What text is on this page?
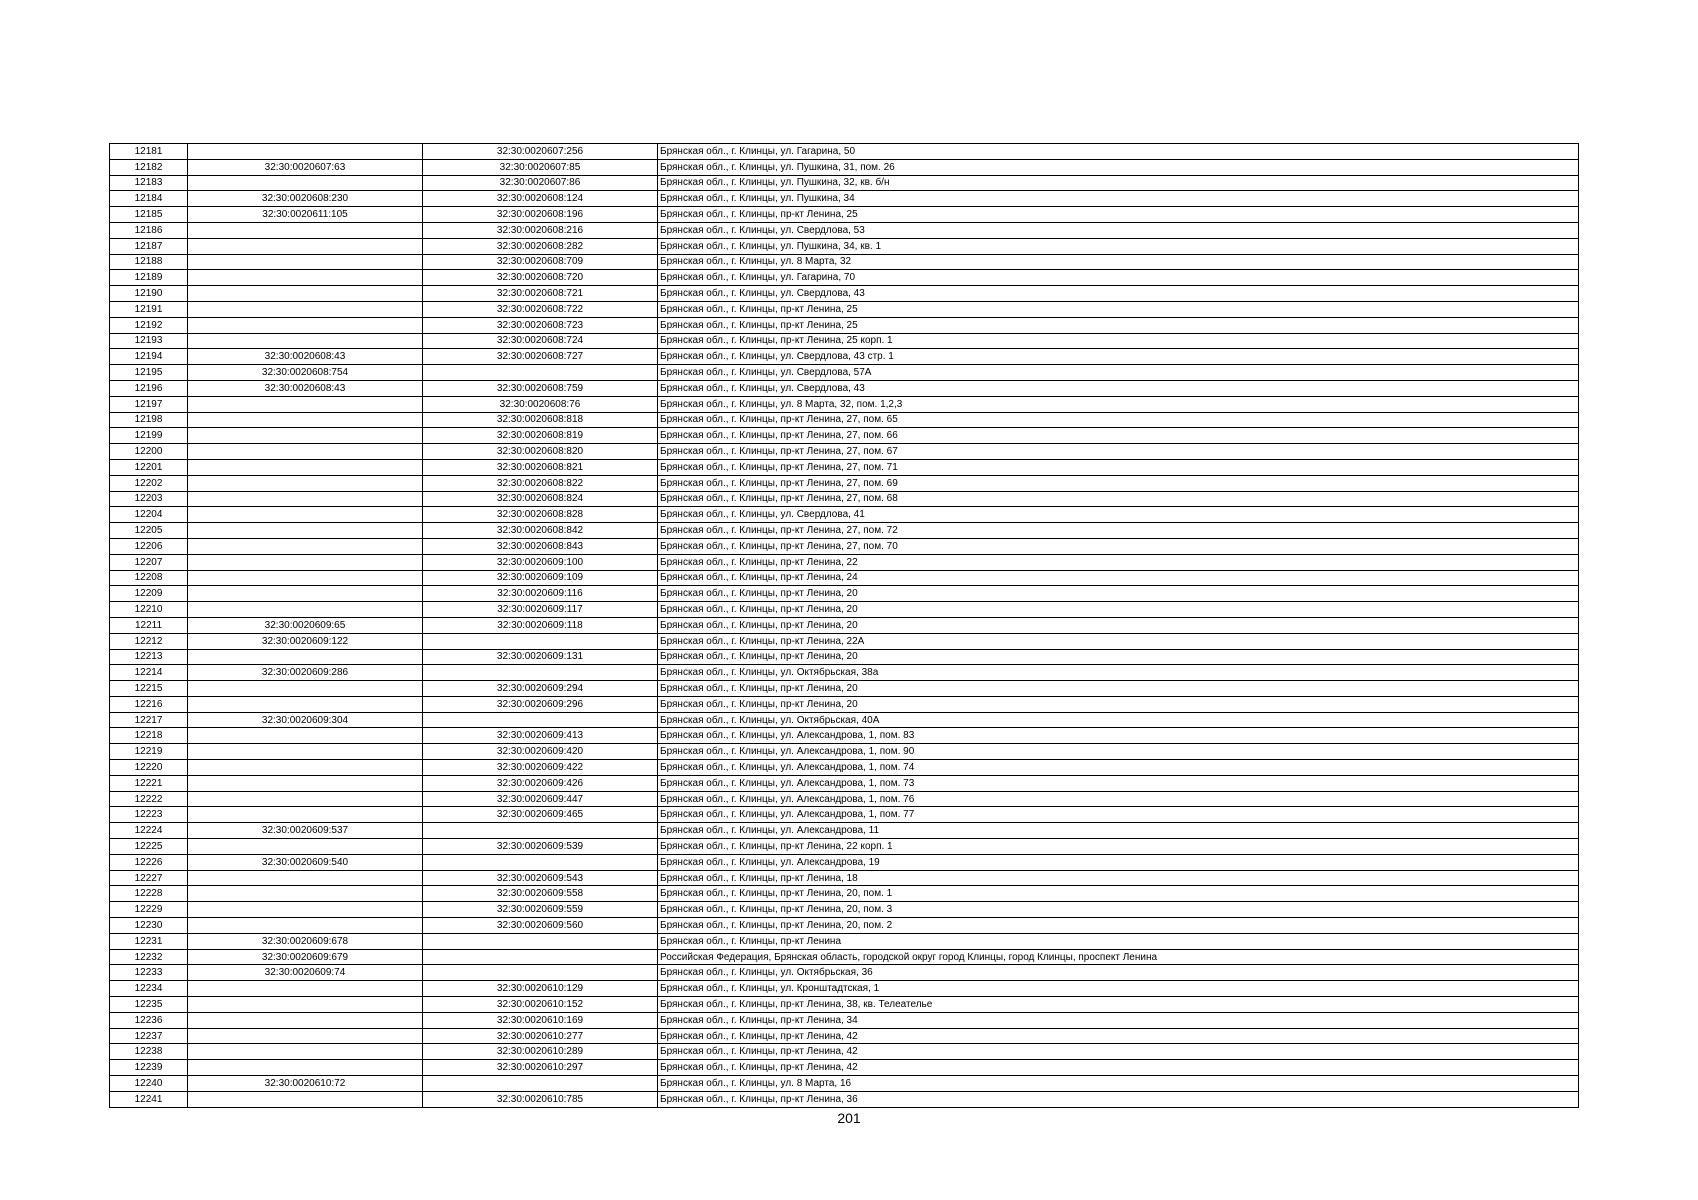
12181		32:30:0020607:256	Брянская обл., г. Клинцы, ул. Гагарина, 50
12182	32:30:0020607:63	32:30:0020607:85	Брянская обл., г. Клинцы, ул. Пушкина, 31, пом. 26
12183		32:30:0020607:86	Брянская обл., г. Клинцы, ул. Пушкина, 32, кв. б/н
12184	32:30:0020608:230	32:30:0020608:124	Брянская обл., г. Клинцы, ул. Пушкина, 34
12185	32:30:0020611:105	32:30:0020608:196	Брянская обл., г. Клинцы, пр-кт Ленина, 25
12186		32:30:0020608:216	Брянская обл., г. Клинцы, ул. Свердлова, 53
12187		32:30:0020608:282	Брянская обл., г. Клинцы, ул. Пушкина, 34, кв. 1
12188		32:30:0020608:709	Брянская обл., г. Клинцы, ул. 8 Марта, 32
12189		32:30:0020608:720	Брянская обл., г. Клинцы, ул. Гагарина, 70
12190		32:30:0020608:721	Брянская обл., г. Клинцы, ул. Свердлова, 43
12191		32:30:0020608:722	Брянская обл., г. Клинцы, пр-кт Ленина, 25
12192		32:30:0020608:723	Брянская обл., г. Клинцы, пр-кт Ленина, 25
12193		32:30:0020608:724	Брянская обл., г. Клинцы, пр-кт Ленина, 25 корп. 1
12194	32:30:0020608:43	32:30:0020608:727	Брянская обл., г. Клинцы, ул. Свердлова, 43 стр. 1
12195	32:30:0020608:754		Брянская обл., г. Клинцы, ул. Свердлова, 57А
12196	32:30:0020608:43	32:30:0020608:759	Брянская обл., г. Клинцы, ул. Свердлова, 43
12197		32:30:0020608:76	Брянская обл., г. Клинцы, ул. 8 Марта, 32, пом. 1,2,3
12198		32:30:0020608:818	Брянская обл., г. Клинцы, пр-кт Ленина, 27, пом. 65
12199		32:30:0020608:819	Брянская обл., г. Клинцы, пр-кт Ленина, 27, пом. 66
12200		32:30:0020608:820	Брянская обл., г. Клинцы, пр-кт Ленина, 27, пом. 67
12201		32:30:0020608:821	Брянская обл., г. Клинцы, пр-кт Ленина, 27, пом. 71
12202		32:30:0020608:822	Брянская обл., г. Клинцы, пр-кт Ленина, 27, пом. 69
12203		32:30:0020608:824	Брянская обл., г. Клинцы, пр-кт Ленина, 27, пом. 68
12204		32:30:0020608:828	Брянская обл., г. Клинцы, ул. Свердлова, 41
12205		32:30:0020608:842	Брянская обл., г. Клинцы, пр-кт Ленина, 27, пом. 72
12206		32:30:0020608:843	Брянская обл., г. Клинцы, пр-кт Ленина, 27, пом. 70
12207		32:30:0020609:100	Брянская обл., г. Клинцы, пр-кт Ленина, 22
12208		32:30:0020609:109	Брянская обл., г. Клинцы, пр-кт Ленина, 24
12209		32:30:0020609:116	Брянская обл., г. Клинцы, пр-кт Ленина, 20
12210		32:30:0020609:117	Брянская обл., г. Клинцы, пр-кт Ленина, 20
12211	32:30:0020609:65	32:30:0020609:118	Брянская обл., г. Клинцы, пр-кт Ленина, 20
12212	32:30:0020609:122		Брянская обл., г. Клинцы, пр-кт Ленина, 22А
12213		32:30:0020609:131	Брянская обл., г. Клинцы, пр-кт Ленина, 20
12214	32:30:0020609:286		Брянская обл., г. Клинцы, ул. Октябрьская, 38а
12215		32:30:0020609:294	Брянская обл., г. Клинцы, пр-кт Ленина, 20
12216		32:30:0020609:296	Брянская обл., г. Клинцы, пр-кт Ленина, 20
12217	32:30:0020609:304		Брянская обл., г. Клинцы, ул. Октябрьская, 40А
12218		32:30:0020609:413	Брянская обл., г. Клинцы, ул. Александрова, 1, пом. 83
12219		32:30:0020609:420	Брянская обл., г. Клинцы, ул. Александрова, 1, пом. 90
12220		32:30:0020609:422	Брянская обл., г. Клинцы, ул. Александрова, 1, пом. 74
12221		32:30:0020609:426	Брянская обл., г. Клинцы, ул. Александрова, 1, пом. 73
12222		32:30:0020609:447	Брянская обл., г. Клинцы, ул. Александрова, 1, пом. 76
12223		32:30:0020609:465	Брянская обл., г. Клинцы, ул. Александрова, 1, пом. 77
12224	32:30:0020609:537		Брянская обл., г. Клинцы, ул. Александрова, 11
12225		32:30:0020609:539	Брянская обл., г. Клинцы, пр-кт Ленина, 22 корп. 1
12226	32:30:0020609:540		Брянская обл., г. Клинцы, ул. Александрова, 19
12227		32:30:0020609:543	Брянская обл., г. Клинцы, пр-кт Ленина, 18
12228		32:30:0020609:558	Брянская обл., г. Клинцы, пр-кт Ленина, 20, пом. 1
12229		32:30:0020609:559	Брянская обл., г. Клинцы, пр-кт Ленина, 20, пом. 3
12230		32:30:0020609:560	Брянская обл., г. Клинцы, пр-кт Ленина, 20, пом. 2
12231	32:30:0020609:678		Брянская обл., г. Клинцы, пр-кт Ленина
12232	32:30:0020609:679		Российская Федерация, Брянская область, городской округ город Клинцы, город Клинцы, проспект Ленина
12233	32:30:0020609:74		Брянская обл., г. Клинцы, ул. Октябрьская, 36
12234		32:30:0020610:129	Брянская обл., г. Клинцы, ул. Кронштадтская, 1
12235		32:30:0020610:152	Брянская обл., г. Клинцы, пр-кт Ленина, 38, кв. Телеателье
12236		32:30:0020610:169	Брянская обл., г. Клинцы, пр-кт Ленина, 34
12237		32:30:0020610:277	Брянская обл., г. Клинцы, пр-кт Ленина, 42
12238		32:30:0020610:289	Брянская обл., г. Клинцы, пр-кт Ленина, 42
12239		32:30:0020610:297	Брянская обл., г. Клинцы, пр-кт Ленина, 42
12240	32:30:0020610:72		Брянская обл., г. Клинцы, ул. 8 Марта, 16
12241		32:30:0020610:785	Брянская обл., г. Клинцы, пр-кт Ленина, 36
201
